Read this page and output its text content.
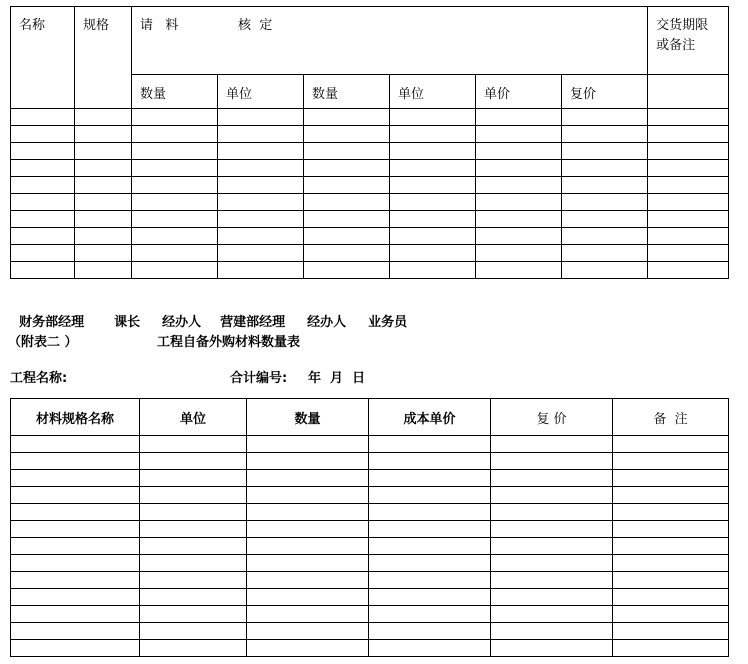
名称	规格	请   料 核  定						交货期限
或备注
		数量	单位	数量	单位	单价	复价	

财务部经理 课长 经办人 营建部经理 经办人 业务员

（附表二 ）	工程自备外购材料数量表
工程名称:	合计编号: 年  月  日
材料规格名称	单位	数量	成本单价	复 价	备  注
